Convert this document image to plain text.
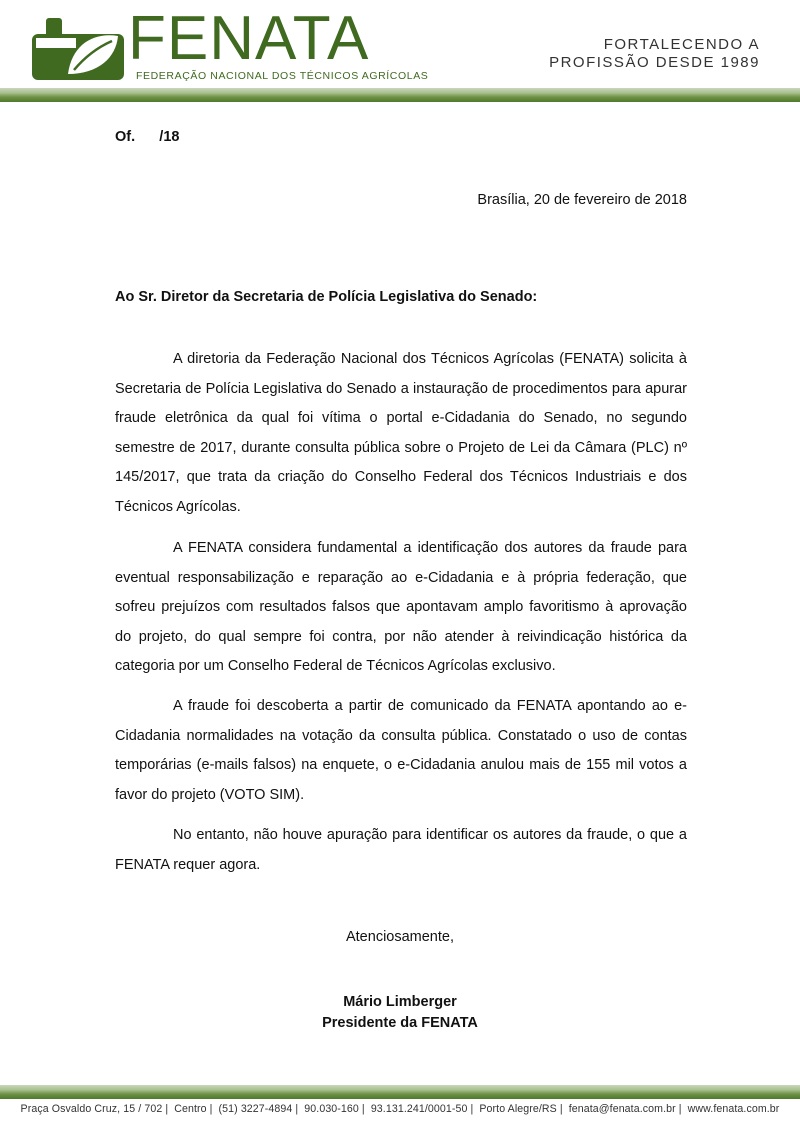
FENATA
FEDERAÇÃO NACIONAL DOS TÉCNICOS AGRÍCOLAS
FORTALECENDO A
PROFISSÃO DESDE 1989
Of.      /18
Brasília, 20 de fevereiro de 2018
Ao Sr. Diretor da Secretaria de Polícia Legislativa do Senado:

A diretoria da Federação Nacional dos Técnicos Agrícolas (FENATA) solicita à Secretaria de Polícia Legislativa do Senado a instauração de procedimentos para apurar fraude eletrônica da qual foi vítima o portal e-Cidadania do Senado, no segundo semestre de 2017, durante consulta pública sobre o Projeto de Lei da Câmara (PLC) nº 145/2017, que trata da criação do Conselho Federal dos Técnicos Industriais e dos Técnicos Agrícolas.

A FENATA considera fundamental a identificação dos autores da fraude para eventual responsabilização e reparação ao e-Cidadania e à própria federação, que sofreu prejuízos com resultados falsos que apontavam amplo favoritismo à aprovação do projeto, do qual sempre foi contra, por não atender à reivindicação histórica da categoria por um Conselho Federal de Técnicos Agrícolas exclusivo.

A fraude foi descoberta a partir de comunicado da FENATA apontando ao e-Cidadania normalidades na votação da consulta pública. Constatado o uso de contas temporárias (e-mails falsos) na enquete, o e-Cidadania anulou mais de 155 mil votos a favor do projeto (VOTO SIM).

No entanto, não houve apuração para identificar os autores da fraude, o que a FENATA requer agora.

Atenciosamente,
Mário Limberger
Presidente da FENATA
Praça Osvaldo Cruz, 15 / 702 | Centro | (51) 3227-4894 | 90.030-160 | 93.131.241/0001-50 | Porto Alegre/RS | fenata@fenata.com.br | www.fenata.com.br
